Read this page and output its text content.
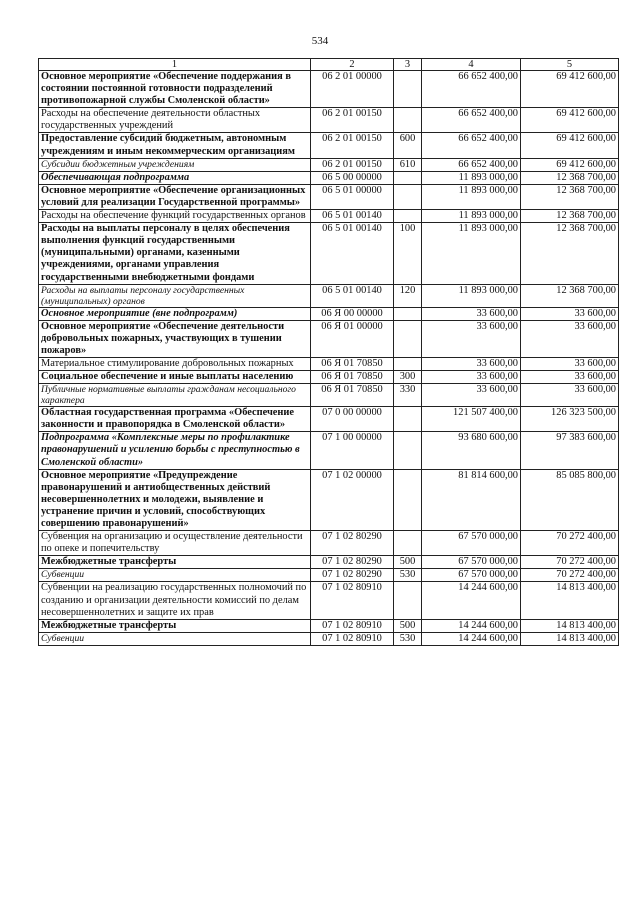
534
1	2	3	4	5
Основное мероприятие «Обеспечение поддержания в состоянии постоянной готовности подразделений противопожарной службы Смоленской области»	06 2 01 00000		66 652 400,00	69 412 600,00
Расходы на обеспечение деятельности областных государственных учреждений	06 2 01 00150		66 652 400,00	69 412 600,00
Предоставление субсидий бюджетным, автономным учреждениям и иным некоммерческим организациям	06 2 01 00150	600	66 652 400,00	69 412 600,00
Субсидии бюджетным учреждениям	06 2 01 00150	610	66 652 400,00	69 412 600,00
Обеспечивающая подпрограмма	06 5 00 00000		11 893 000,00	12 368 700,00
Основное мероприятие «Обеспечение организационных условий для реализации Государственной программы»	06 5 01 00000		11 893 000,00	12 368 700,00
Расходы на обеспечение функций государственных органов	06 5 01 00140		11 893 000,00	12 368 700,00
Расходы на выплаты персоналу в целях обеспечения выполнения функций государственными (муниципальными) органами, казенными учреждениями, органами управления государственными внебюджетными фондами	06 5 01 00140	100	11 893 000,00	12 368 700,00
Расходы на выплаты персоналу государственных (муниципальных) органов	06 5 01 00140	120	11 893 000,00	12 368 700,00
Основное мероприятие (вне подпрограмм)	06 Я 00 00000		33 600,00	33 600,00
Основное мероприятие «Обеспечение деятельности добровольных пожарных, участвующих в тушении пожаров»	06 Я 01 00000		33 600,00	33 600,00
Материальное стимулирование добровольных пожарных	06 Я 01 70850		33 600,00	33 600,00
Социальное обеспечение и иные выплаты населению	06 Я 01 70850	300	33 600,00	33 600,00
Публичные нормативные выплаты гражданам несоциального характера	06 Я 01 70850	330	33 600,00	33 600,00
Областная государственная программа «Обеспечение законности и правопорядка в Смоленской области»	07 0 00 00000		121 507 400,00	126 323 500,00
Подпрограмма «Комплексные меры по профилактике правонарушений и усилению борьбы с преступностью в Смоленской области»	07 1 00 00000		93 680 600,00	97 383 600,00
Основное мероприятие «Предупреждение правонарушений и антиобщественных действий несовершеннолетних и молодежи, выявление и устранение причин и условий, способствующих совершению правонарушений»	07 1 02 00000		81 814 600,00	85 085 800,00
Субвенция на организацию и осуществление деятельности по опеке и попечительству	07 1 02 80290		67 570 000,00	70 272 400,00
Межбюджетные трансферты	07 1 02 80290	500	67 570 000,00	70 272 400,00
Субвенции	07 1 02 80290	530	67 570 000,00	70 272 400,00
Субвенции на реализацию государственных полномочий по созданию и организации деятельности комиссий по делам несовершеннолетних и защите их прав	07 1 02 80910		14 244 600,00	14 813 400,00
Межбюджетные трансферты	07 1 02 80910	500	14 244 600,00	14 813 400,00
Субвенции	07 1 02 80910	530	14 244 600,00	14 813 400,00
